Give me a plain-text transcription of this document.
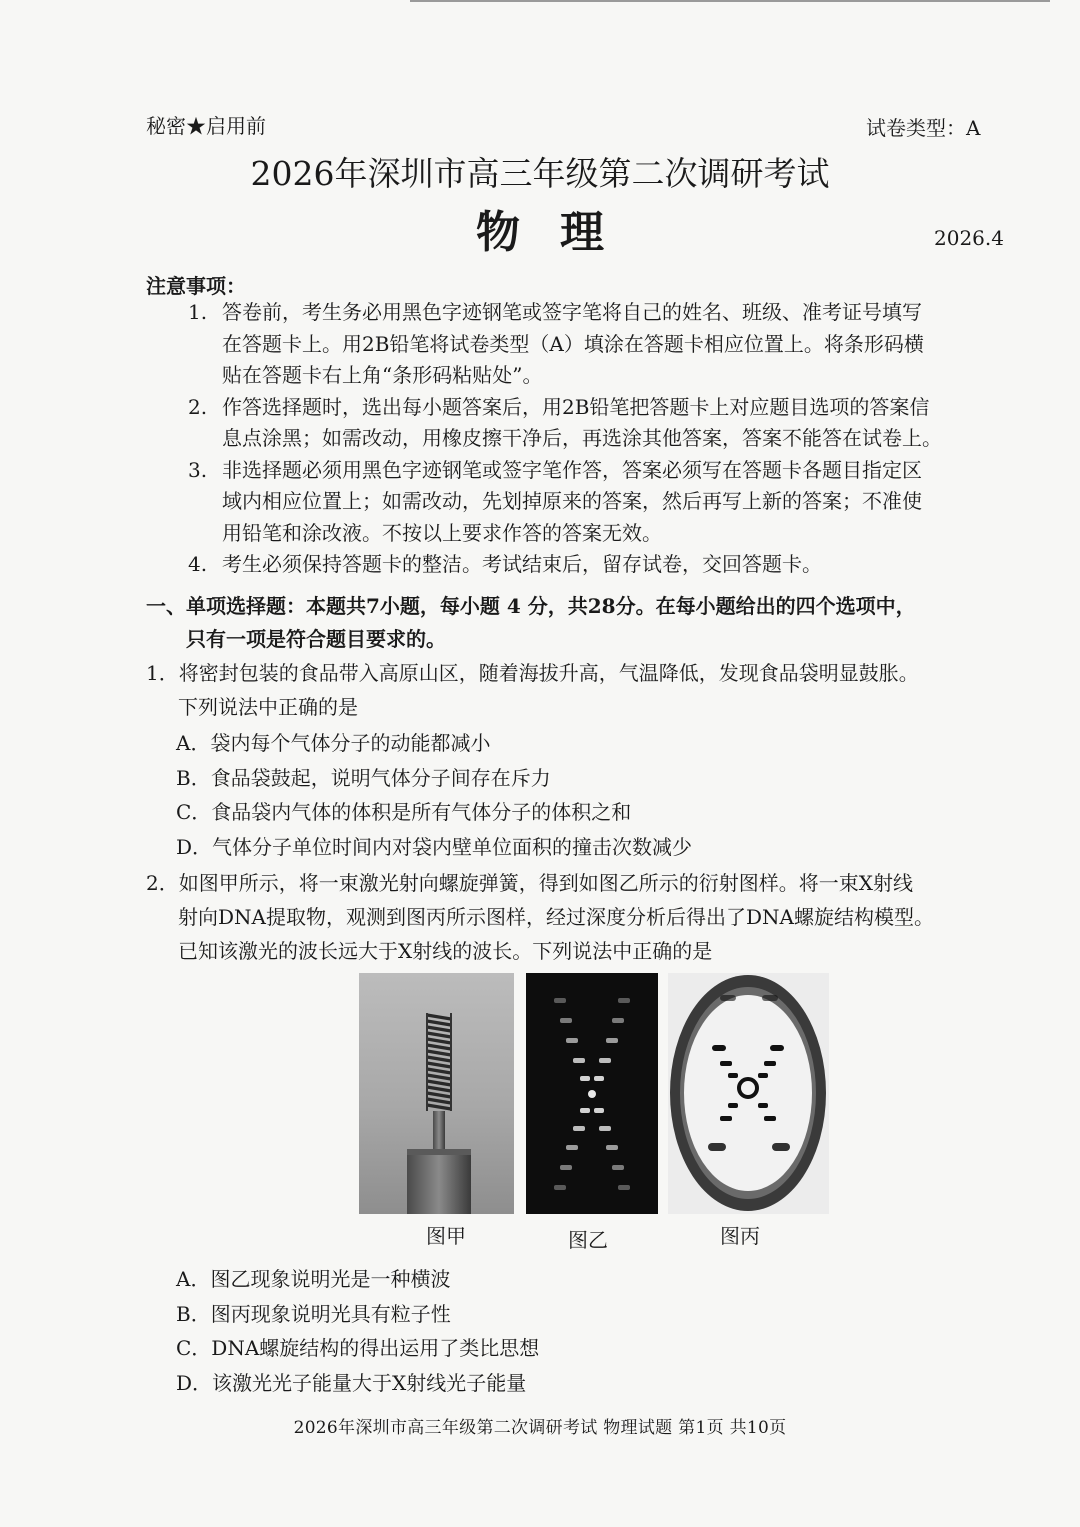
秘密★启用前	试卷类型：A
2026年深圳市高三年级第二次调研考试
物理	2026.4
注意事项：
1. 答卷前，考生务必用黑色字迹钢笔或签字笔将自己的姓名、班级、准考证号填写
在答题卡上。用2B铅笔将试卷类型（A）填涂在答题卡相应位置上。将条形码横
贴在答题卡右上角“条形码粘贴处”。
2. 作答选择题时，选出每小题答案后，用2B铅笔把答题卡上对应题目选项的答案信
息点涂黑；如需改动，用橡皮擦干净后，再选涂其他答案，答案不能答在试卷上。
3. 非选择题必须用黑色字迹钢笔或签字笔作答，答案必须写在答题卡各题目指定区
域内相应位置上；如需改动，先划掉原来的答案，然后再写上新的答案；不准使
用铅笔和涂改液。不按以上要求作答的答案无效。
4. 考生必须保持答题卡的整洁。考试结束后，留存试卷，交回答题卡。
一、单项选择题：本题共7小题，每小题 4 分，共28分。在每小题给出的四个选项中，
只有一项是符合题目要求的。
1．将密封包装的食品带入高原山区，随着海拔升高，气温降低，发现食品袋明显鼓胀。
下列说法中正确的是
A．袋内每个气体分子的动能都减小
B．食品袋鼓起，说明气体分子间存在斥力
C．食品袋内气体的体积是所有气体分子的体积之和
D．气体分子单位时间内对袋内壁单位面积的撞击次数减少
2．如图甲所示，将一束激光射向螺旋弹簧，得到如图乙所示的衍射图样。将一束X射线
射向DNA提取物，观测到图丙所示图样，经过深度分析后得出了DNA螺旋结构模型。
已知该激光的波长远大于X射线的波长。下列说法中正确的是
图甲	图乙	图丙
A．图乙现象说明光是一种横波
B．图丙现象说明光具有粒子性
C．DNA螺旋结构的得出运用了类比思想
D．该激光光子能量大于X射线光子能量
2026年深圳市高三年级第二次调研考试 物理试题 第1页 共10页
